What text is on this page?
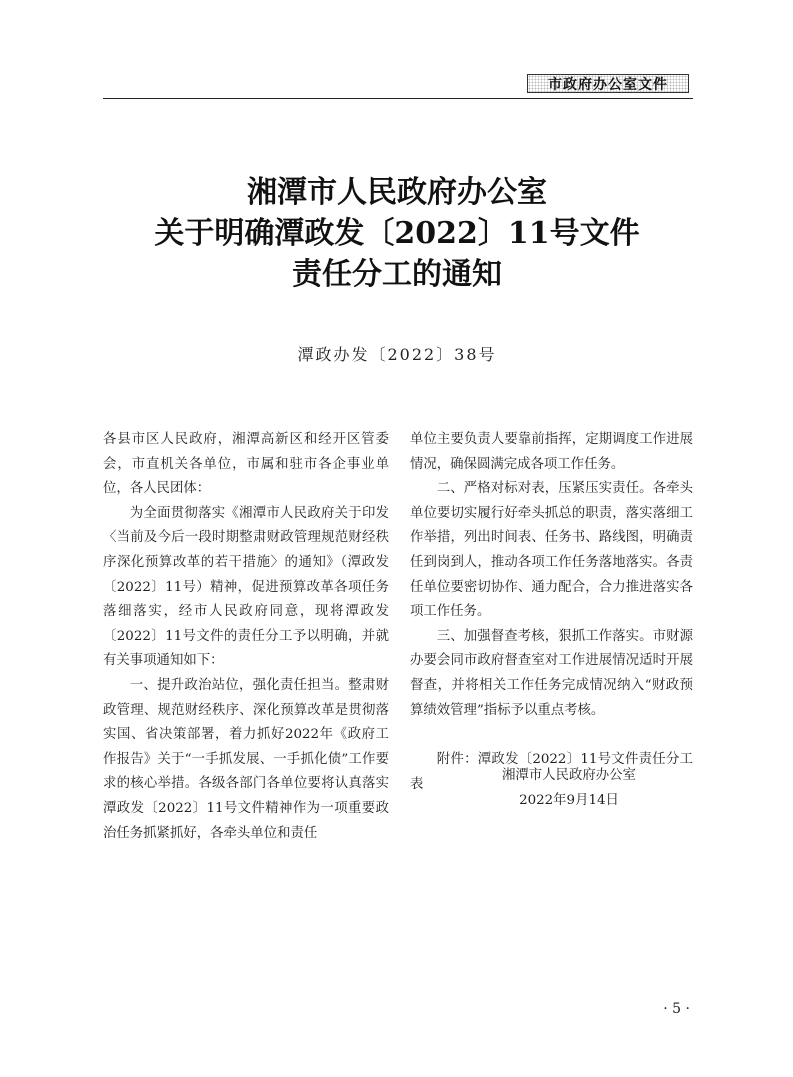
市政府办公室文件
湘潭市人民政府办公室
关于明确潭政发〔2022〕11号文件
责任分工的通知
潭政办发〔2022〕38号

各县市区人民政府，湘潭高新区和经开区管委会，市直机关各单位，市属和驻市各企事业单位，各人民团体：

为全面贯彻落实《湘潭市人民政府关于印发〈当前及今后一段时期整肃财政管理规范财经秩序深化预算改革的若干措施〉的通知》（潭政发〔2022〕11号）精神，促进预算改革各项任务落细落实，经市人民政府同意，现将潭政发〔2022〕11号文件的责任分工予以明确，并就有关事项通知如下：

一、提升政治站位，强化责任担当。整肃财政管理、规范财经秩序、深化预算改革是贯彻落实国、省决策部署，着力抓好2022年《政府工作报告》关于“一手抓发展、一手抓化债”工作要求的核心举措。各级各部门各单位要将认真落实潭政发〔2022〕11号文件精神作为一项重要政治任务抓紧抓好，各牵头单位和责任

单位主要负责人要靠前指挥，定期调度工作进展情况，确保圆满完成各项工作任务。

二、严格对标对表，压紧压实责任。各牵头单位要切实履行好牵头抓总的职责，落实落细工作举措，列出时间表、任务书、路线图，明确责任到岗到人，推动各项工作任务落地落实。各责任单位要密切协作、通力配合，合力推进落实各项工作任务。

三、加强督查考核，狠抓工作落实。市财源办要会同市政府督查室对工作进展情况适时开展督查，并将相关工作任务完成情况纳入“财政预算绩效管理”指标予以重点考核。

附件：潭政发〔2022〕11号文件责任分工表

湘潭市人民政府办公室
2022年9月14日
· 5 ·
